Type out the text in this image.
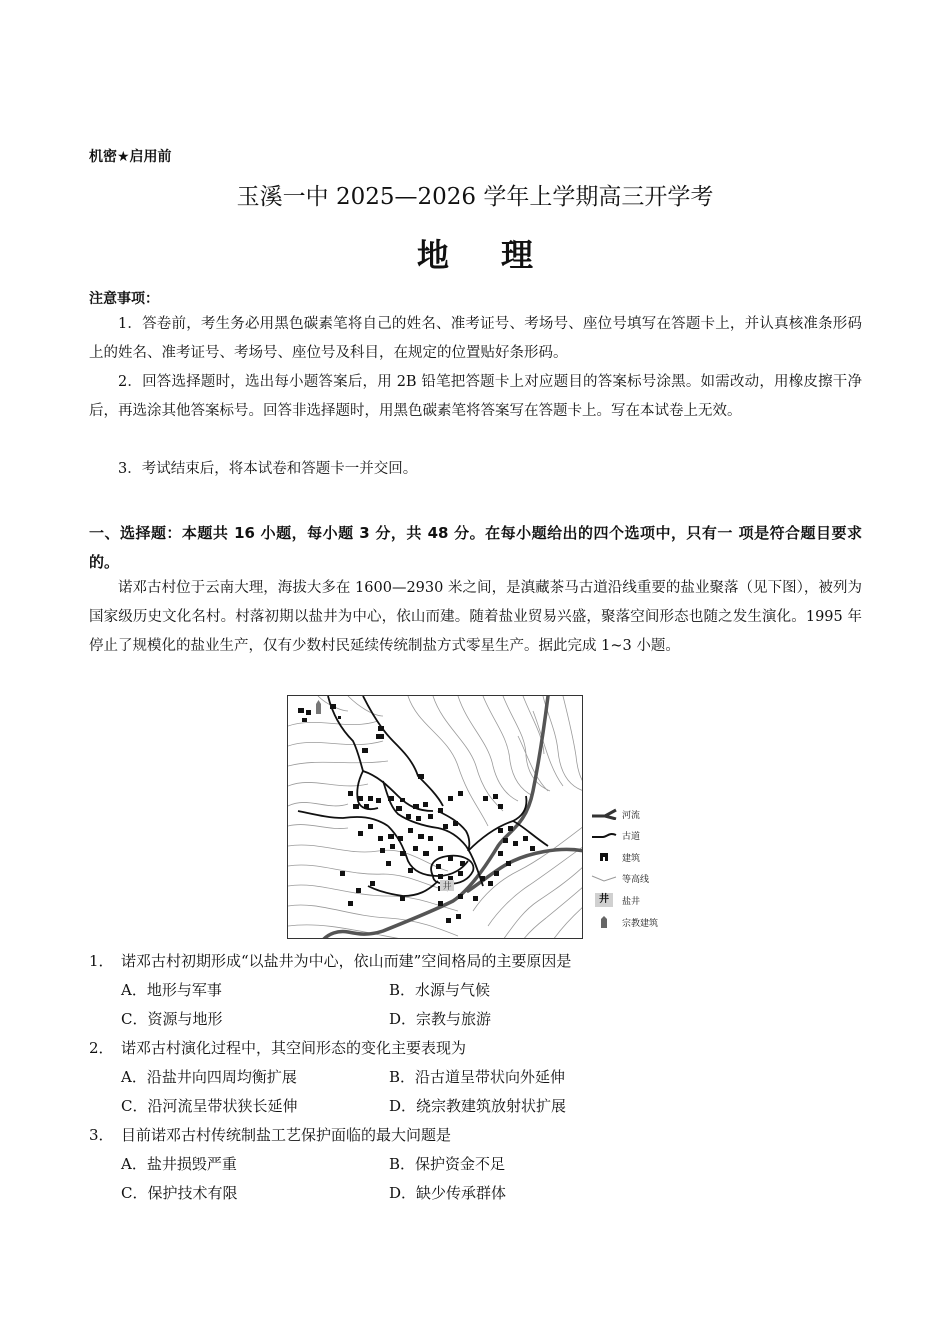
机密★启用前
玉溪一中 2025—2026 学年上学期高三开学考
地 理
注意事项：
1．答卷前，考生务必用黑色碳素笔将自己的姓名、准考证号、考场号、座位号填写在答题卡上，并认真核准条形码上的姓名、准考证号、考场号、座位号及科目，在规定的位置贴好条形码。
2．回答选择题时，选出每小题答案后，用 2B 铅笔把答题卡上对应题目的答案标号涂黑。如需改动，用橡皮擦干净后，再选涂其他答案标号。回答非选择题时，用黑色碳素笔将答案写在答题卡上。写在本试卷上无效。
3．考试结束后，将本试卷和答题卡一并交回。
一、选择题：本题共 16 小题，每小题 3 分，共 48 分。在每小题给出的四个选项中，只有一 项是符合题目要求的。
诺邓古村位于云南大理，海拔大多在 1600—2930 米之间，是滇藏茶马古道沿线重要的盐业聚落（见下图），被列为国家级历史文化名村。村落初期以盐井为中心，依山而建。随着盐业贸易兴盛，聚落空间形态也随之发生演化。1995 年停止了规模化的盐业生产，仅有少数村民延续传统制盐方式零星生产。据此完成 1~3 小题。
井
河流
古道
建筑
等高线
井	盐井
宗教建筑
1． 诺邓古村初期形成“以盐井为中心，依山而建”空间格局的主要原因是
A．地形与军事	B．水源与气候
C．资源与地形	D．宗教与旅游
2． 诺邓古村演化过程中，其空间形态的变化主要表现为
A．沿盐井向四周均衡扩展	B．沿古道呈带状向外延伸
C．沿河流呈带状狭长延伸	D．绕宗教建筑放射状扩展
3． 目前诺邓古村传统制盐工艺保护面临的最大问题是
A．盐井损毁严重	B．保护资金不足
C．保护技术有限	D．缺少传承群体
